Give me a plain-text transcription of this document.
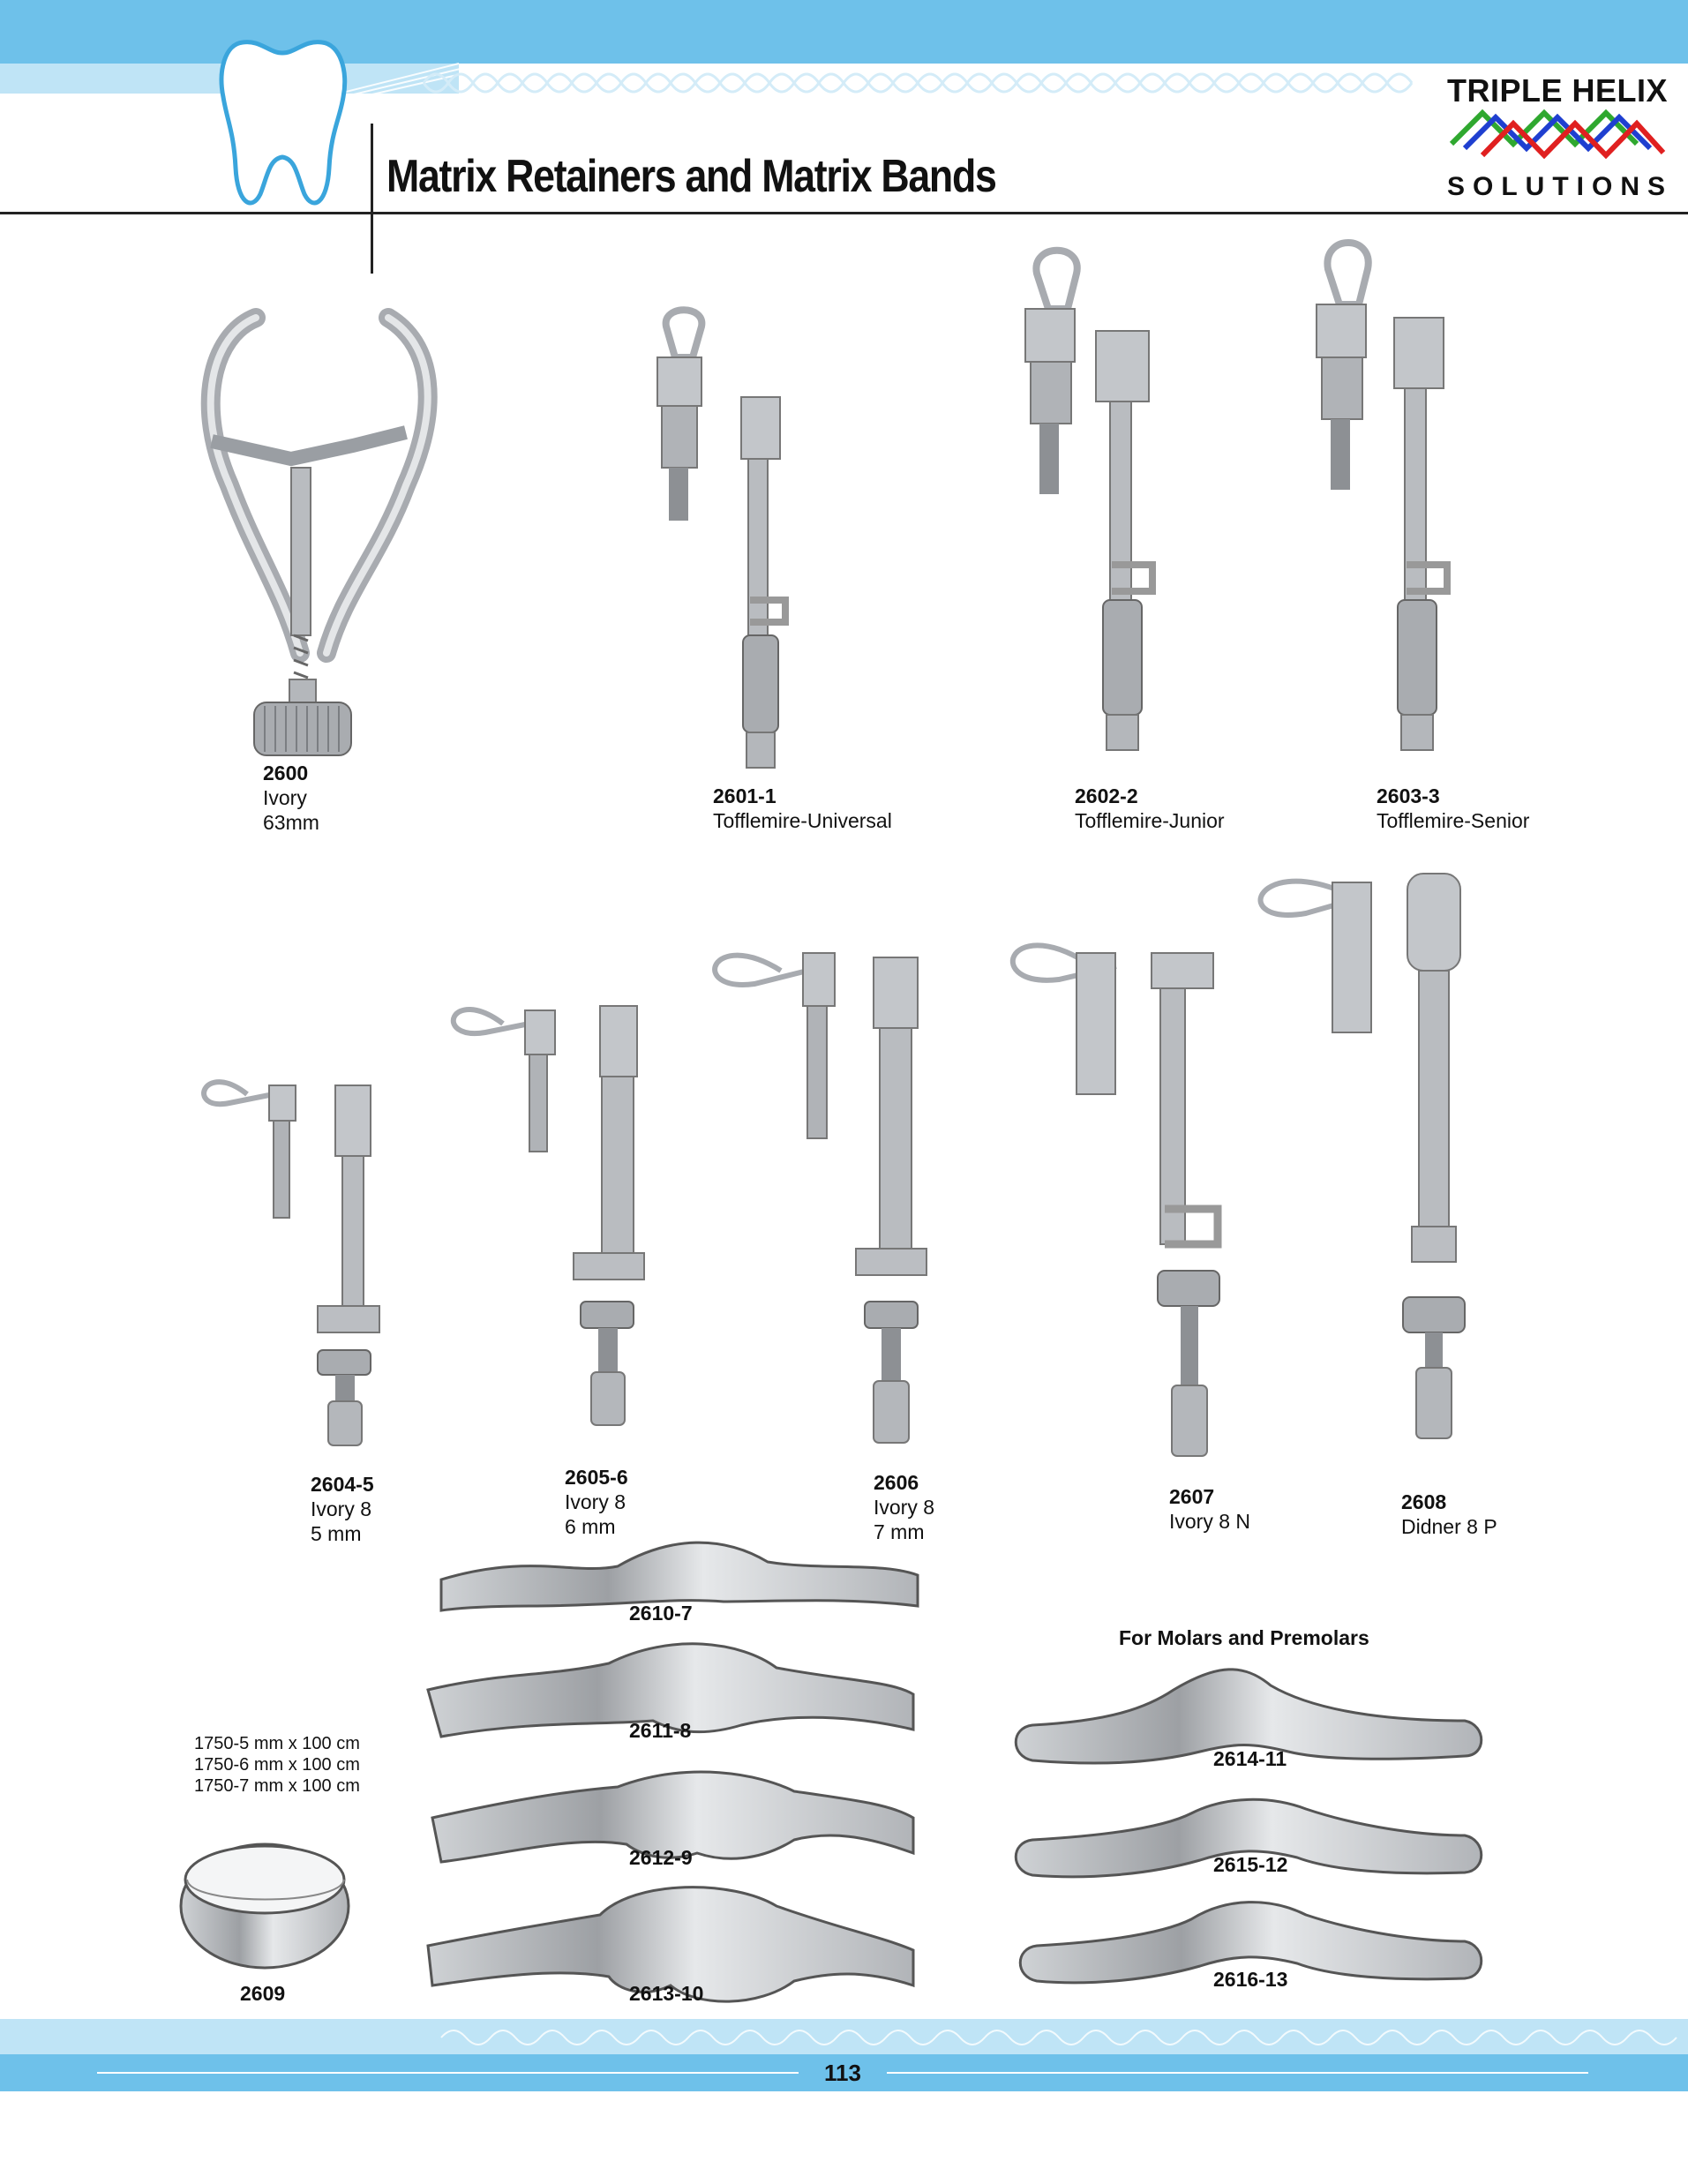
Matrix Retainers and Matrix Bands
TRIPLE HELIX
SOLUTIONS
2600
Ivory
63mm
2601-1
Tofflemire-Universal
2602-2
Tofflemire-Junior
2603-3
Tofflemire-Senior
2604-5
Ivory 8
5 mm
2605-6
Ivory 8
6 mm
2606
Ivory 8
7 mm
2607
Ivory 8 N
2608
Didner 8 P
2610-7
2611-8
2612-9
2613-10
For Molars and Premolars
2614-11
2615-12
2616-13
1750-5 mm x 100 cm
1750-6 mm x 100 cm
1750-7 mm x 100 cm
2609
113
